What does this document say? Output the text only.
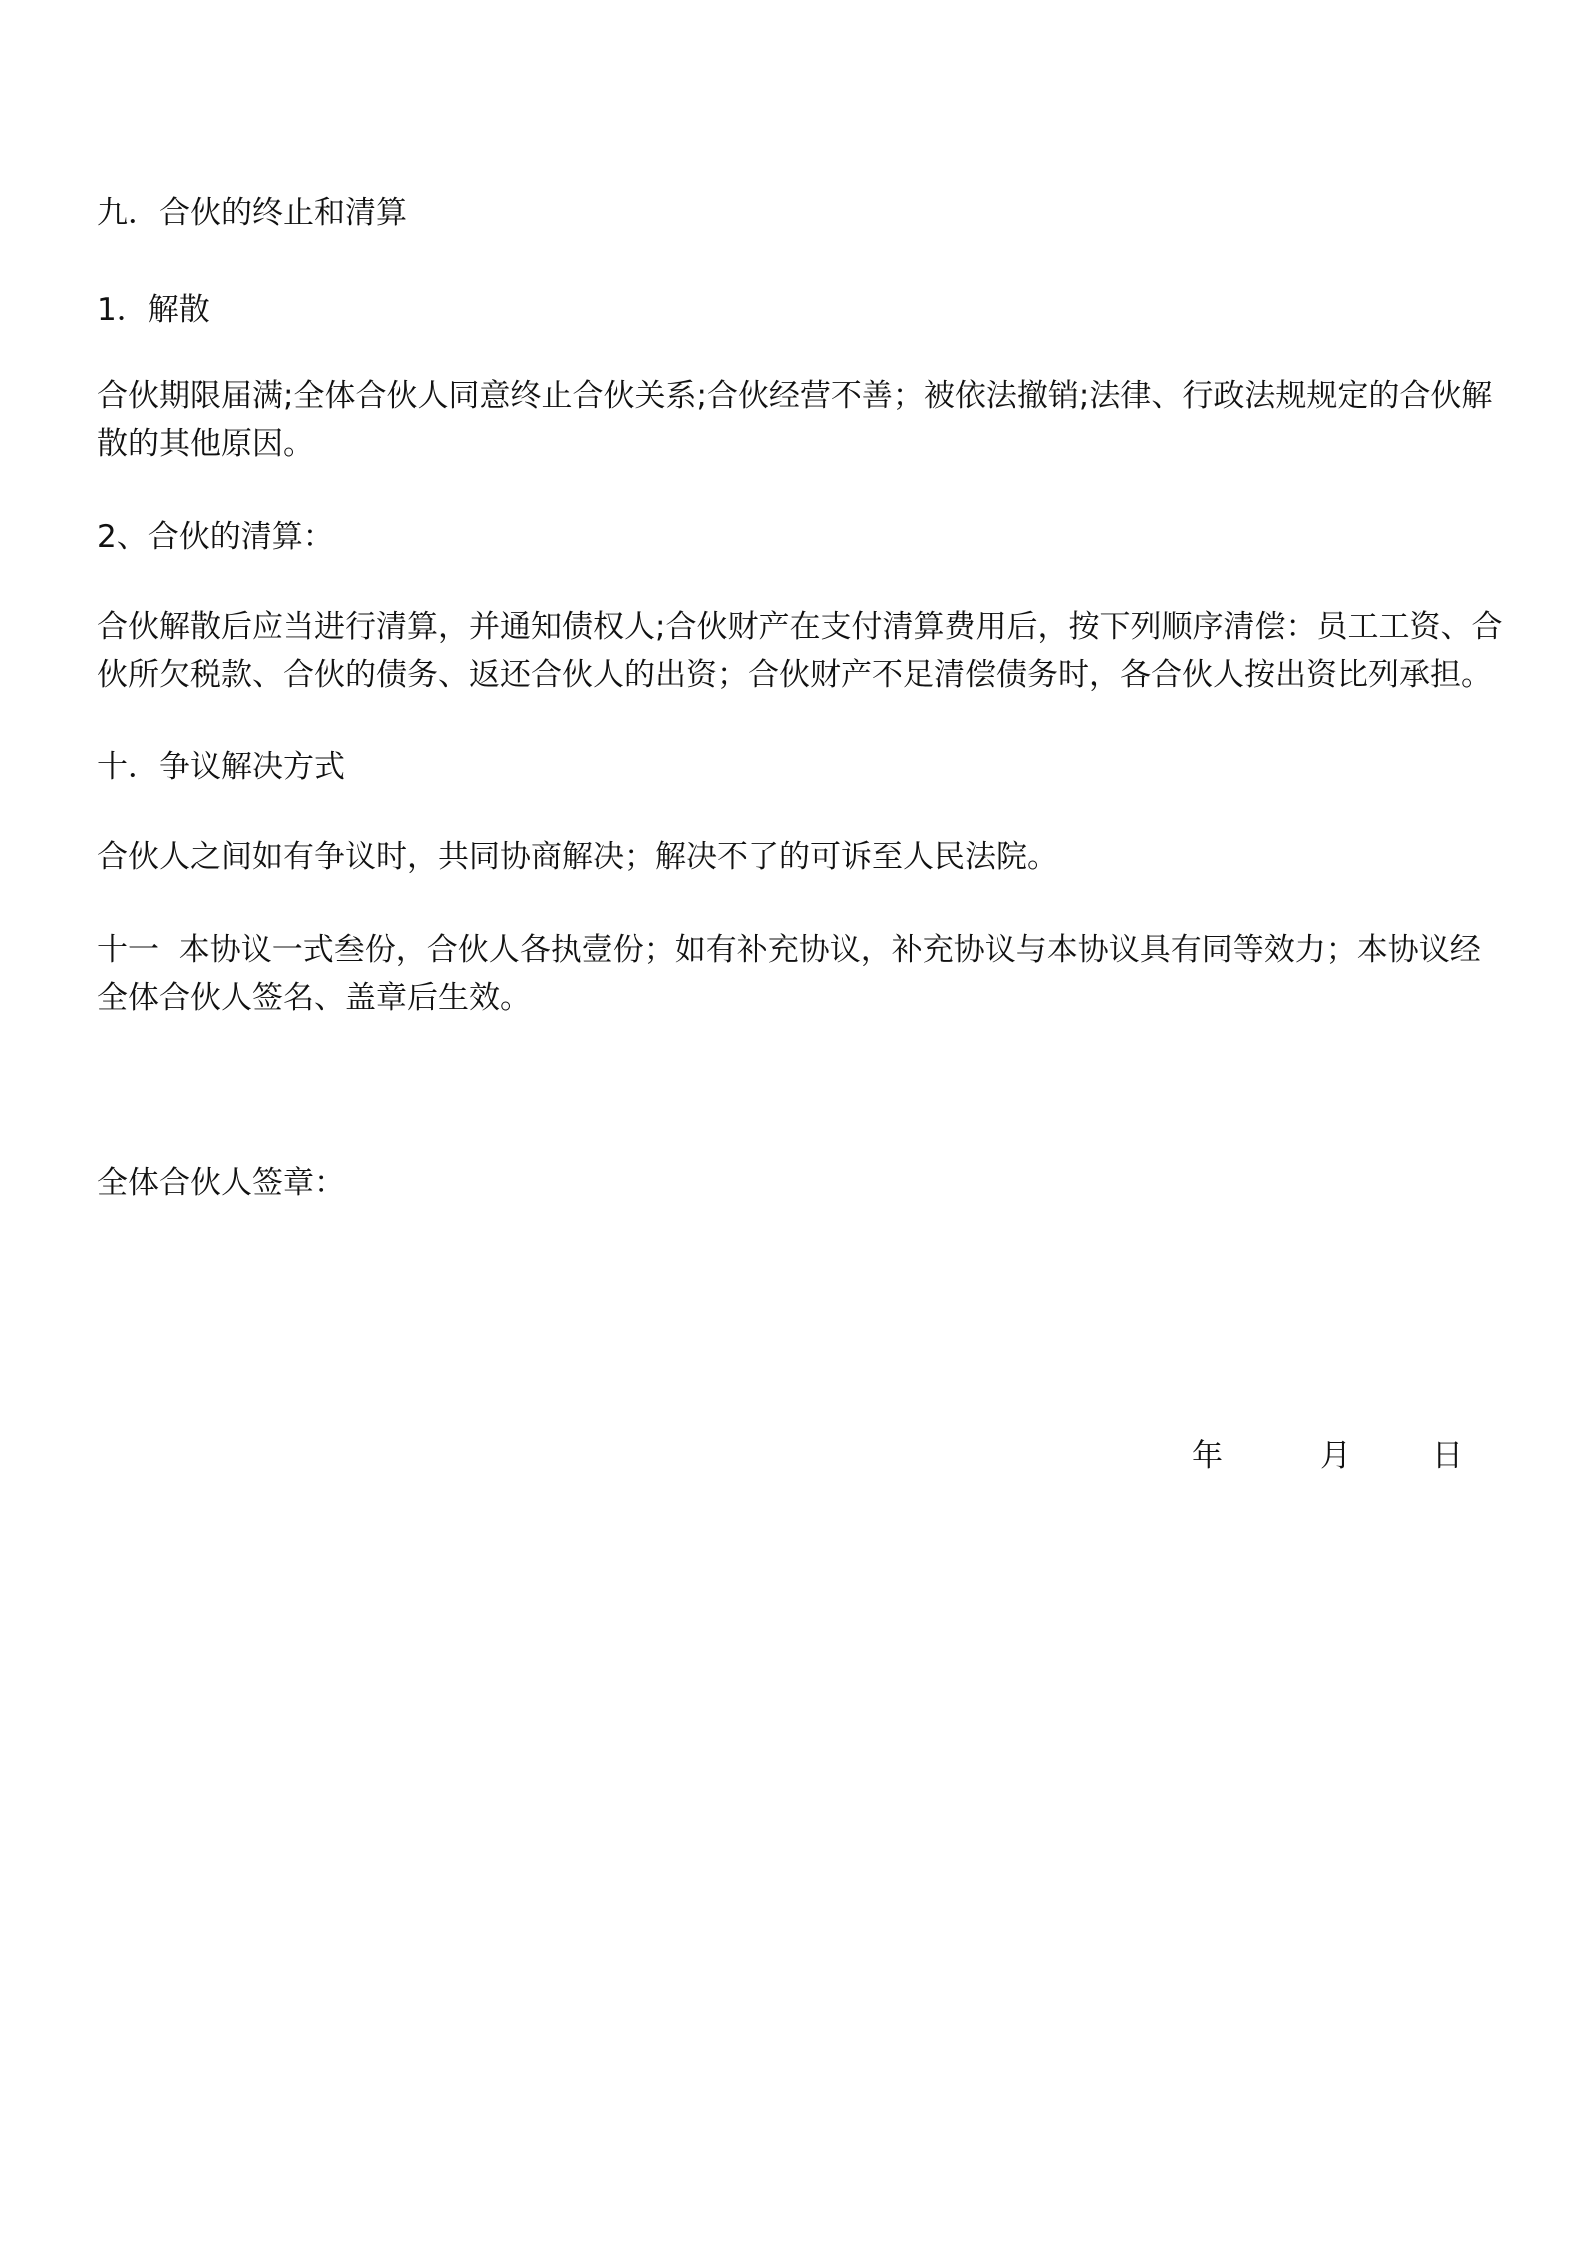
九．合伙的终止和清算
1．解散
合伙期限届满;全体合伙人同意终止合伙关系;合伙经营不善；被依法撤销;法律、行政法规规定的合伙解
散的其他原因。
2、合伙的清算：
合伙解散后应当进行清算，并通知债权人;合伙财产在支付清算费用后，按下列顺序清偿：员工工资、合
伙所欠税款、合伙的债务、返还合伙人的出资；合伙财产不足清偿债务时，各合伙人按出资比列承担。
十．争议解决方式
合伙人之间如有争议时，共同协商解决；解决不了的可诉至人民法院。
十一  本协议一式叁份，合伙人各执壹份；如有补充协议，补充协议与本协议具有同等效力；本协议经
全体合伙人签名、盖章后生效。
全体合伙人签章：
年	月	日
